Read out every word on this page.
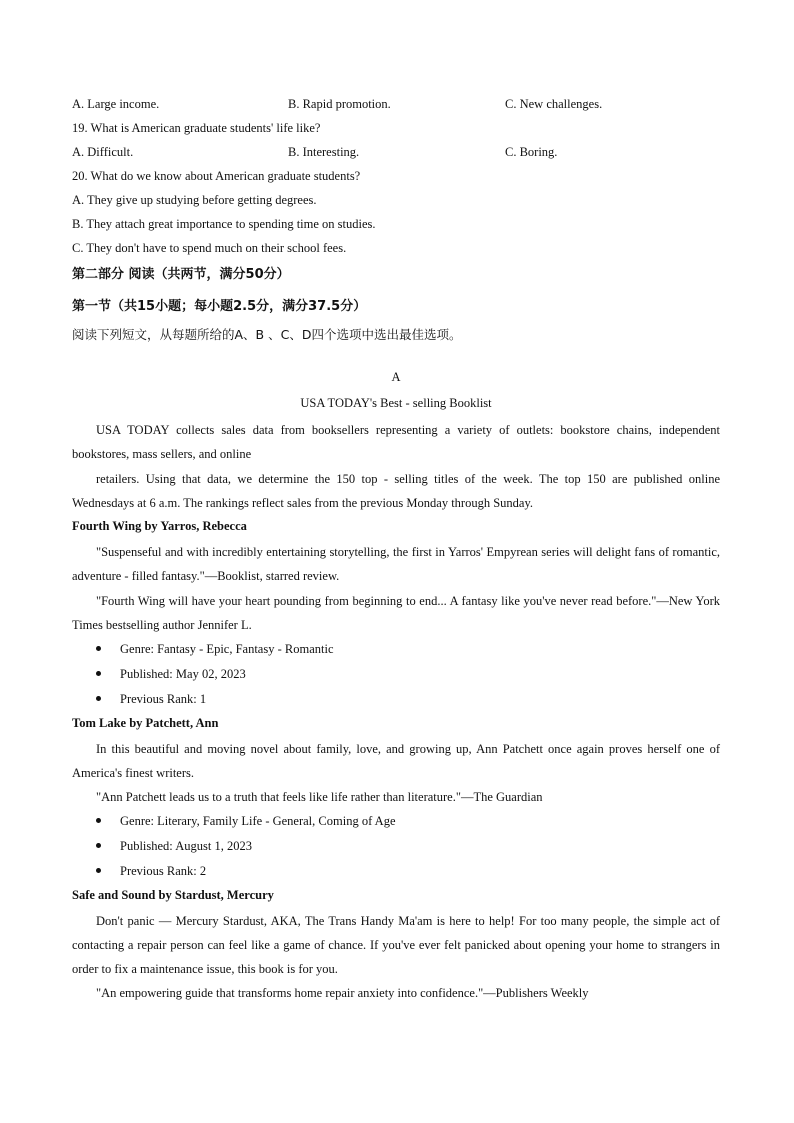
A. Large income.	B. Rapid promotion.	C. New challenges.
19. What is American graduate students' life like?
A. Difficult.	B. Interesting.	C. Boring.
20. What do we know about American graduate students?
A. They give up studying before getting degrees.
B. They attach great importance to spending time on studies.
C. They don't have to spend much on their school fees.
第二部分 阅读（共两节，满分50分）
第一节（共15小题；每小题2.5分，满分37.5分）
阅读下列短文，从每题所给的A、B 、C、D四个选项中选出最佳选项。
A
USA TODAY's Best - selling Booklist

USA TODAY collects sales data from booksellers representing a variety of outlets: bookstore chains, independent bookstores, mass sellers, and online

retailers. Using that data, we determine the 150 top - selling titles of the week. The top 150 are published online Wednesdays at 6 a.m. The rankings reflect sales from the previous Monday through Sunday.

Fourth Wing by Yarros, Rebecca

"Suspenseful and with incredibly entertaining storytelling, the first in Yarros' Empyrean series will delight fans of romantic, adventure - filled fantasy."—Booklist, starred review.

"Fourth Wing will have your heart pounding from beginning to end... A fantasy like you've never read before."—New York Times bestselling author Jennifer L.

Genre: Fantasy - Epic, Fantasy - Romantic
Published: May 02, 2023
Previous Rank: 1
Tom Lake by Patchett, Ann

In this beautiful and moving novel about family, love, and growing up, Ann Patchett once again proves herself one of America's finest writers.

"Ann Patchett leads us to a truth that feels like life rather than literature."—The Guardian
Genre: Literary, Family Life - General, Coming of Age
Published: August 1, 2023
Previous Rank: 2
Safe and Sound by Stardust, Mercury

Don't panic — Mercury Stardust, AKA, The Trans Handy Ma'am is here to help! For too many people, the simple act of contacting a repair person can feel like a game of chance. If you've ever felt panicked about opening your home to strangers in order to fix a maintenance issue, this book is for you.

"An empowering guide that transforms home repair anxiety into confidence."—Publishers Weekly
